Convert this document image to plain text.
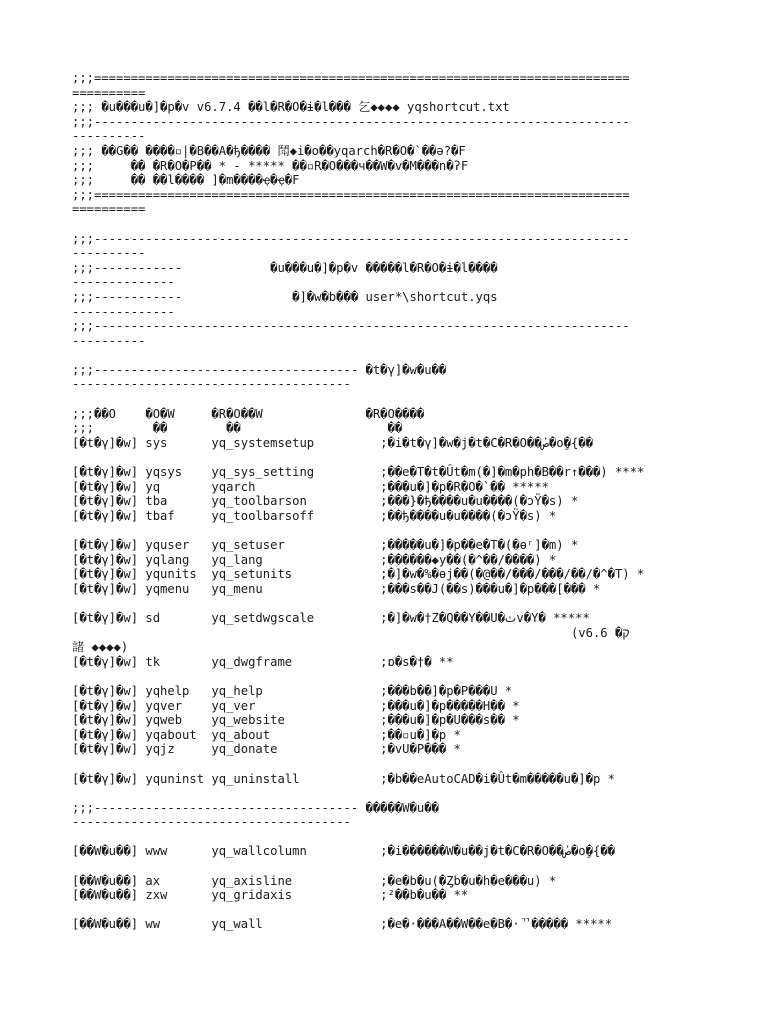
;;;=========================================================================
==========
;;; �u���u�]�p�v v6.7.4 ��l�R�O�ɨ�l��� 乞◆◆◆◆ yqshortcut.txt
;;;-------------------------------------------------------------------------
----------
;;; ��G�� ����▫|�B��A�ђ���� 鬦◆i�o��yqarch�R�O�`��ə?�F
;;;     �� �R�O�P�� * - ***** ��▫R�O���ч��W�v�M���n�ʔF
;;;     �� ��l���� ]�m����ҿ�ҿ�F
;;;=========================================================================
==========
;;;-------------------------------------------------------------------------
----------
;;;------------            �u���u�]�p�v �����l�R�O�ɨ�l����
--------------
;;;------------               �]�w�b��� user*\shortcut.yqs
--------------
;;;-------------------------------------------------------------------------
----------
;;;------------------------------------ �t�γ]�w�u��
--------------------------------------
;;;��O    �O�W     �R�O��W              �R�O����
;;;        ��        ��                    ��
[�t�γ]�w] sys      yq_systemsetup         ;�i�t�γ]�w�j�t�C�R�O��ܳص�o�ٍ{��
[�t�γ]�w] yqsys    yq_sys_setting         ;��e�T�t�Ût�m(�]�m�ph�B��r↑���) ****
[�t�γ]�w] yq       yqarch                 ;���u�]�p�R�O�`�� *****
[�t�γ]�w] tba      yq_toolbarson          ;���}�ђ����u�u����(�ɔŸ�s) *
[�t�γ]�w] tbaf     yq_toolbarsoff         ;��ђ����u�u����(�ɔŸ�s) *
[�t�γ]�w] yquser   yq_setuser             ;�����u�]�p��e�T�(�ɵʳ]�m) *
[�t�γ]�w] yqlang   yq_lang                ;������◆y��(�^��/����) *
[�t�γ]�w] yqunits  yq_setunits            ;�]�w�%�ɵj��(�@��/���/���/��/�^�T) *
[�t�γ]�w] yqmenu   yq_menu                ;���s��J(��s)���u�]�p���[��� *
[�t�γ]�w] sd       yq_setdwgscale         ;�]�w�†Z�Q��Y��U�ٽv�Y� *****
(v6.6 �ק
諸 ◆◆◆◆)
[�t�γ]�w] tk       yq_dwgframe            ;ɒ�s�†� **
[�t�γ]�w] yqhelp   yq_help                ;���b��]�p�P���U *
[�t�γ]�w] yqver    yq_ver                 ;���u�]�p�����H�� *
[�t�γ]�w] yqweb    yq_website             ;���u�]�p�U���s�� *
[�t�γ]�w] yqabout  yq_about               ;��▫u�]�p *
[�t�γ]�w] yqjz     yq_donate              ;�vU�P��� *
[�t�γ]�w] yquninst yq_uninstall           ;�b��eAutoCAD�i�Ût�m�����u�]�p *
;;;------------------------------------ �����W�u��
--------------------------------------
[��W�u��] www      yq_wallcolumn          ;�i������W�u��j�t�C�R�O��ܳص�o�ٍ{��
[��W�u��] ax       yq_axisline            ;�e�b�u(�Ȥb�u�h�e���u) *
[��W�u��] zxw      yq_gridaxis            ;²��b�u�� **
[��W�u��] ww       yq_wall                ;�e�·���A��W��e�B�·ᄁ����� *****
